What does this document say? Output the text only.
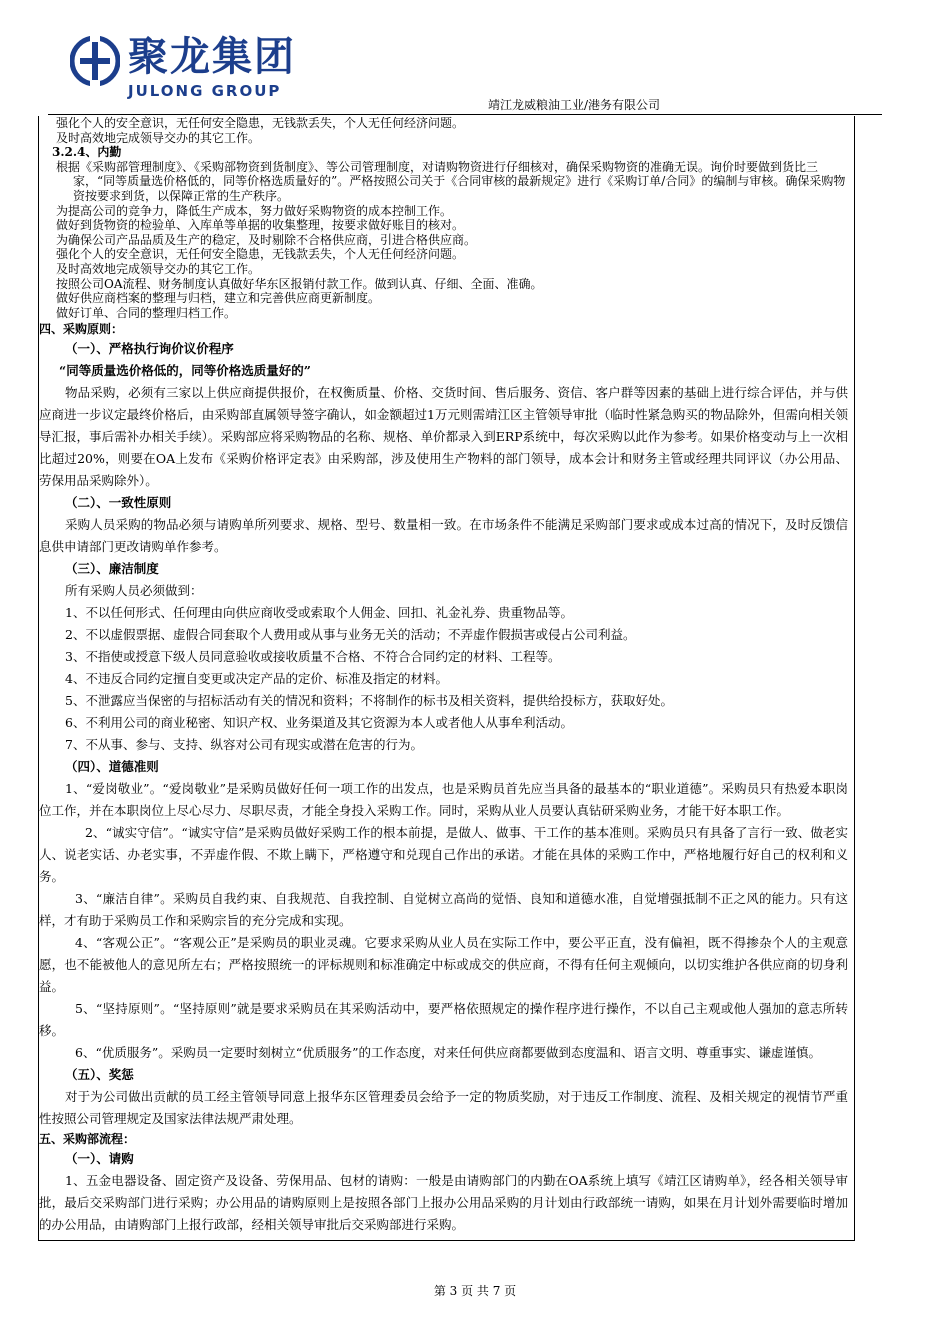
聚龙集团
JULONG GROUP
靖江龙威粮油工业/港务有限公司

强化个人的安全意识，无任何安全隐患，无钱款丢失，个人无任何经济问题。

及时高效地完成领导交办的其它工作。

3.2.4、内勤

根据《采购部管理制度》、《采购部物资到货制度》、等公司管理制度，对请购物资进行仔细核对，确保采购物资的准确无误。询价时要做到货比三家，“同等质量选价格低的，同等价格选质量好的”。严格按照公司关于《合同审核的最新规定》进行《采购订单/合同》的编制与审核。确保采购物资按要求到货，以保障正常的生产秩序。

为提高公司的竞争力，降低生产成本，努力做好采购物资的成本控制工作。

做好到货物资的检验单、入库单等单据的收集整理，按要求做好账目的核对。

为确保公司产品品质及生产的稳定，及时剔除不合格供应商，引进合格供应商。

强化个人的安全意识，无任何安全隐患，无钱款丢失，个人无任何经济问题。

及时高效地完成领导交办的其它工作。

按照公司OA流程、财务制度认真做好华东区报销付款工作。做到认真、仔细、全面、准确。

做好供应商档案的整理与归档，建立和完善供应商更新制度。

做好订单、合同的整理归档工作。

四、采购原则：
（一）、严格执行询价议价程序
“同等质量选价格低的，同等价格选质量好的”

物品采购，必须有三家以上供应商提供报价，在权衡质量、价格、交货时间、售后服务、资信、客户群等因素的基础上进行综合评估，并与供应商进一步议定最终价格后，由采购部直属领导签字确认，如金额超过1万元则需靖江区主管领导审批（临时性紧急购买的物品除外，但需向相关领导汇报，事后需补办相关手续）。采购部应将采购物品的名称、规格、单价都录入到ERP系统中，每次采购以此作为参考。如果价格变动与上一次相比超过20%，则要在OA上发布《采购价格评定表》由采购部，涉及使用生产物料的部门领导，成本会计和财务主管或经理共同评议（办公用品、劳保用品采购除外）。

（二）、一致性原则

采购人员采购的物品必须与请购单所列要求、规格、型号、数量相一致。在市场条件不能满足采购部门要求或成本过高的情况下，及时反馈信息供申请部门更改请购单作参考。

（三）、廉洁制度

所有采购人员必须做到：

1、不以任何形式、任何理由向供应商收受或索取个人佣金、回扣、礼金礼券、贵重物品等。

2、不以虚假票据、虚假合同套取个人费用或从事与业务无关的活动；不弄虚作假损害或侵占公司利益。

3、不指使或授意下级人员同意验收或接收质量不合格、不符合合同约定的材料、工程等。

4、不违反合同约定擅自变更或决定产品的定价、标准及指定的材料。

5、不泄露应当保密的与招标活动有关的情况和资料；不将制作的标书及相关资料，提供给投标方，获取好处。

6、不利用公司的商业秘密、知识产权、业务渠道及其它资源为本人或者他人从事牟利活动。

7、不从事、参与、支持、纵容对公司有现实或潜在危害的行为。

（四）、道德准则

1、“爱岗敬业”。“爱岗敬业”是采购员做好任何一项工作的出发点，也是采购员首先应当具备的最基本的“职业道德”。采购员只有热爱本职岗位工作，并在本职岗位上尽心尽力、尽职尽责，才能全身投入采购工作。同时，采购从业人员要认真钻研采购业务，才能干好本职工作。

2、“诚实守信”。“诚实守信”是采购员做好采购工作的根本前提，是做人、做事、干工作的基本准则。采购员只有具备了言行一致、做老实人、说老实话、办老实事，不弄虚作假、不欺上瞒下，严格遵守和兑现自己作出的承诺。才能在具体的采购工作中，严格地履行好自己的权利和义务。

3、“廉洁自律”。采购员自我约束、自我规范、自我控制、自觉树立高尚的觉悟、良知和道德水准，自觉增强抵制不正之风的能力。只有这样，才有助于采购员工作和采购宗旨的充分完成和实现。

4、“客观公正”。“客观公正”是采购员的职业灵魂。它要求采购从业人员在实际工作中，要公平正直，没有偏袒，既不得掺杂个人的主观意愿，也不能被他人的意见所左右；严格按照统一的评标规则和标准确定中标或成交的供应商，不得有任何主观倾向，以切实维护各供应商的切身利益。

5、“坚持原则”。“坚持原则”就是要求采购员在其采购活动中，要严格依照规定的操作程序进行操作，不以自己主观或他人强加的意志所转移。

6、“优质服务”。采购员一定要时刻树立“优质服务”的工作态度，对来任何供应商都要做到态度温和、语言文明、尊重事实、谦虚谨慎。

（五）、奖惩

对于为公司做出贡献的员工经主管领导同意上报华东区管理委员会给予一定的物质奖励，对于违反工作制度、流程、及相关规定的视情节严重性按照公司管理规定及国家法律法规严肃处理。

五、采购部流程：
（一）、请购

1、五金电器设备、固定资产及设备、劳保用品、包材的请购：一般是由请购部门的内勤在OA系统上填写《靖江区请购单》，经各相关领导审批，最后交采购部门进行采购；办公用品的请购原则上是按照各部门上报办公用品采购的月计划由行政部统一请购，如果在月计划外需要临时增加的办公用品，由请购部门上报行政部，经相关领导审批后交采购部进行采购。

第 3 页 共 7 页
